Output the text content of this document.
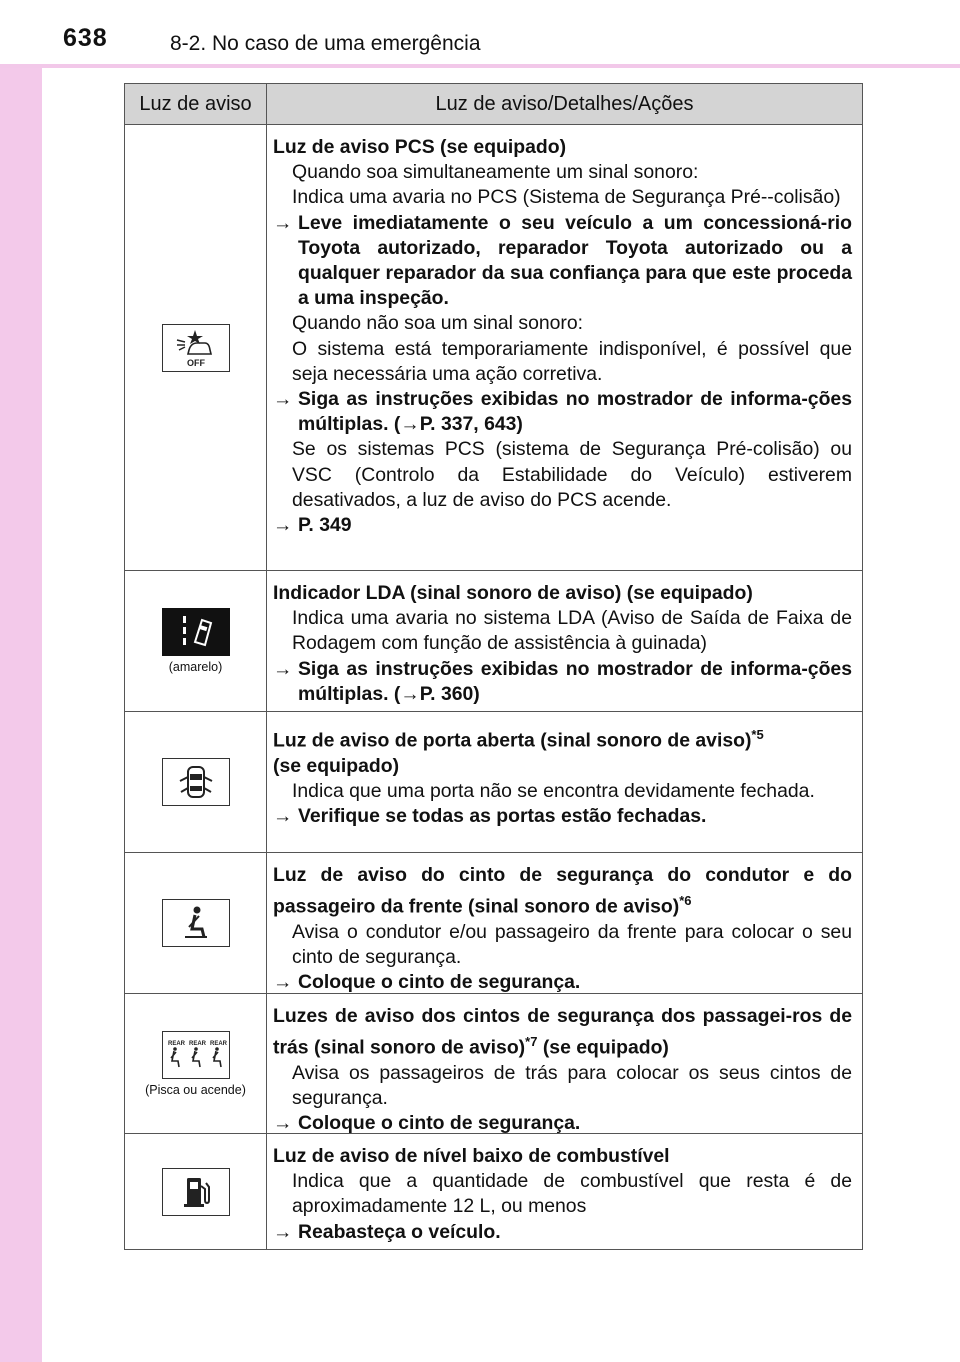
638	8-2. No caso de uma emergência
Luz de aviso	Luz de aviso/Detalhes/Ações
OFF
Luz de aviso PCS (se equipado)
Quando soa simultaneamente um sinal sonoro:
Indica uma avaria no PCS (Sistema de Segurança Pré--colisão)
→ Leve imediatamente o seu veículo a um concessioná-rio Toyota autorizado, reparador Toyota autorizado ou a qualquer reparador da sua confiança para que este proceda a uma inspeção.
Quando não soa um sinal sonoro:
O sistema está temporariamente indisponível, é possível que seja necessária uma ação corretiva.
→ Siga as instruções exibidas no mostrador de informa-ções múltiplas. (→P. 337, 643)
Se os sistemas PCS (sistema de Segurança Pré-colisão) ou VSC (Controlo da Estabilidade do Veículo) estiverem desativados, a luz de aviso do PCS acende.
→ P. 349
(amarelo)
Indicador LDA (sinal sonoro de aviso) (se equipado)
Indica uma avaria no sistema LDA (Aviso de Saída de Faixa de Rodagem com função de assistência à guinada)
→ Siga as instruções exibidas no mostrador de informa-ções múltiplas. (→P. 360)
Luz de aviso de porta aberta (sinal sonoro de aviso)$^{*5}$
(se equipado)
Indica que uma porta não se encontra devidamente fechada.
→ Verifique se todas as portas estão fechadas.
Luz de aviso do cinto de segurança do condutor e do passageiro da frente (sinal sonoro de aviso)$^{*6}$
Avisa o condutor e/ou passageiro da frente para colocar o seu cinto de segurança.
→ Coloque o cinto de segurança.
REAR REAR REAR
(Pisca ou acende)
Luzes de aviso dos cintos de segurança dos passagei-ros de trás (sinal sonoro de aviso)$^{*7}$ (se equipado)
Avisa os passageiros de trás para colocar os seus cintos de segurança.
→ Coloque o cinto de segurança.
Luz de aviso de nível baixo de combustível
Indica que a quantidade de combustível que resta é de aproximadamente 12 L, ou menos
→ Reabasteça o veículo.
